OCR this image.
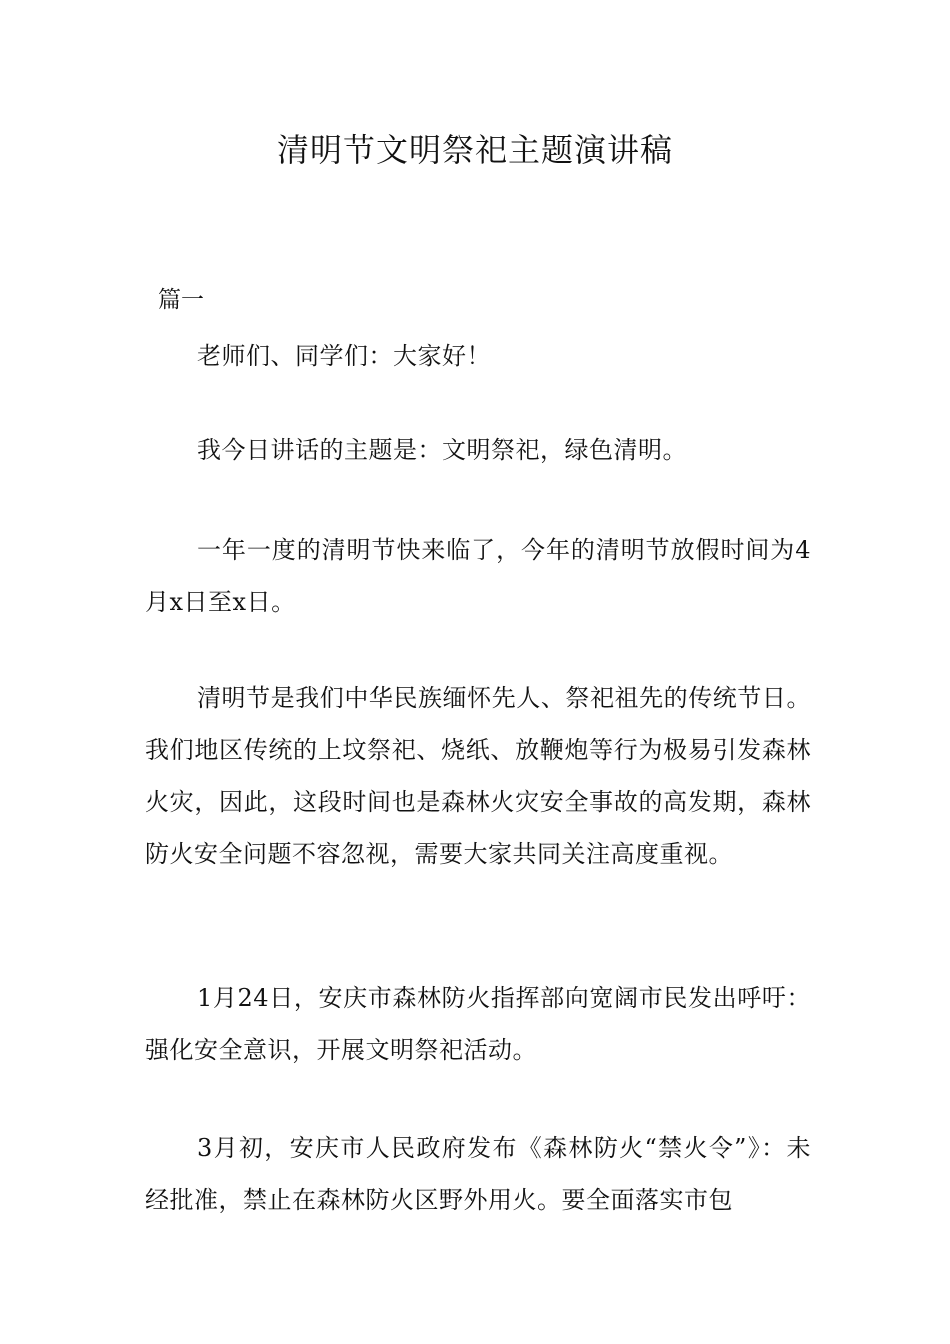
清明节文明祭祀主题演讲稿

篇一

老师们、同学们：大家好！

我今日讲话的主题是：文明祭祀，绿色清明。

一年一度的清明节快来临了，今年的清明节放假时间为4月x日至x日。

清明节是我们中华民族缅怀先人、祭祀祖先的传统节日。我们地区传统的上坟祭祀、烧纸、放鞭炮等行为极易引发森林火灾，因此，这段时间也是森林火灾安全事故的高发期，森林防火安全问题不容忽视，需要大家共同关注高度重视。

1月24日，安庆市森林防火指挥部向宽阔市民发出呼吁：强化安全意识，开展文明祭祀活动。

3月初，安庆市人民政府发布《森林防火“禁火令”》：未经批准，禁止在森林防火区野外用火。要全面落实市包
